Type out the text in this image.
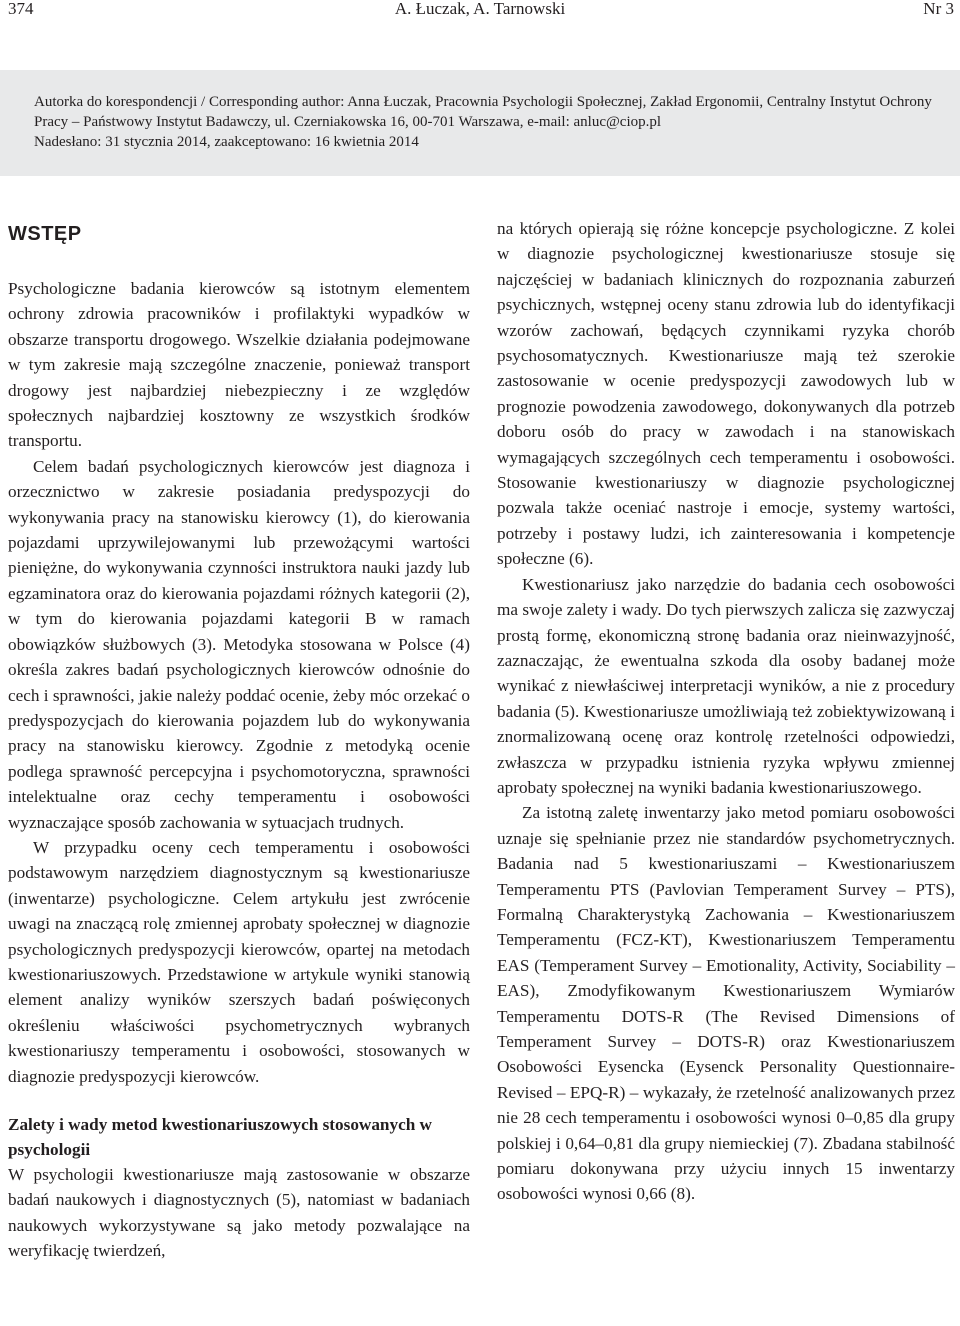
374	A. Łuczak, A. Tarnowski	Nr 3

Autorka do korespondencji / Corresponding author: Anna Łuczak, Pracownia Psychologii Społecznej, Zakład Ergonomii, Centralny Instytut Ochrony Pracy – Państwowy Instytut Badawczy, ul. Czerniakowska 16, 00-701 Warszawa, e-mail: anluc@ciop.pl

Nadesłano: 31 stycznia 2014, zaakceptowano: 16 kwietnia 2014

WSTĘP

Psychologiczne badania kierowców są istotnym elementem ochrony zdrowia pracowników i profilaktyki wypadków w obszarze transportu drogowego. Wszelkie działania podejmowane w tym zakresie mają szczególne znaczenie, ponieważ transport drogowy jest najbardziej niebezpieczny i ze względów społecznych najbardziej kosztowny ze wszystkich środków transportu.

Celem badań psychologicznych kierowców jest diagnoza i orzecznictwo w zakresie posiadania predyspozycji do wykonywania pracy na stanowisku kierowcy (1), do kierowania pojazdami uprzywilejowanymi lub przewożącymi wartości pieniężne, do wykonywania czynności instruktora nauki jazdy lub egzaminatora oraz do kierowania pojazdami różnych kategorii (2), w tym do kierowania pojazdami kategorii B w ramach obowiązków służbowych (3). Metodyka stosowana w Polsce (4) określa zakres badań psychologicznych kierowców odnośnie do cech i sprawności, jakie należy poddać ocenie, żeby móc orzekać o predyspozycjach do kierowania pojazdem lub do wykonywania pracy na stanowisku kierowcy. Zgodnie z metodyką ocenie podlega sprawność percepcyjna i psychomotoryczna, sprawności intelektualne oraz cechy temperamentu i osobowości wyznaczające sposób zachowania w sytuacjach trudnych.

W przypadku oceny cech temperamentu i osobowości podstawowym narzędziem diagnostycznym są kwestionariusze (inwentarze) psychologiczne. Celem artykułu jest zwrócenie uwagi na znaczącą rolę zmiennej aprobaty społecznej w diagnozie psychologicznych predyspozycji kierowców, opartej na metodach kwestionariuszowych. Przedstawione w artykule wyniki stanowią element analizy wyników szerszych badań poświęconych określeniu właściwości psychometrycznych wybranych kwestionariuszy temperamentu i osobowości, stosowanych w diagnozie predyspozycji kierowców.

Zalety i wady metod kwestionariuszowych stosowanych w psychologii

W psychologii kwestionariusze mają zastosowanie w obszarze badań naukowych i diagnostycznych (5), natomiast w badaniach naukowych wykorzystywane są jako metody pozwalające na weryfikację twierdzeń,

na których opierają się różne koncepcje psychologiczne. Z kolei w diagnozie psychologicznej kwestionariusze stosuje się najczęściej w badaniach klinicznych do rozpoznania zaburzeń psychicznych, wstępnej oceny stanu zdrowia lub do identyfikacji wzorów zachowań, będących czynnikami ryzyka chorób psychosomatycznych. Kwestionariusze mają też szerokie zastosowanie w ocenie predyspozycji zawodowych lub w prognozie powodzenia zawodowego, dokonywanych dla potrzeb doboru osób do pracy w zawodach i na stanowiskach wymagających szczególnych cech temperamentu i osobowości. Stosowanie kwestionariuszy w diagnozie psychologicznej pozwala także oceniać nastroje i emocje, systemy wartości, potrzeby i postawy ludzi, ich zainteresowania i kompetencje społeczne (6).

Kwestionariusz jako narzędzie do badania cech osobowości ma swoje zalety i wady. Do tych pierwszych zalicza się zazwyczaj prostą formę, ekonomiczną stronę badania oraz nieinwazyjność, zaznaczając, że ewentualna szkoda dla osoby badanej może wynikać z niewłaściwej interpretacji wyników, a nie z procedury badania (5). Kwestionariusze umożliwiają też zobiektywizowaną i znormalizowaną ocenę oraz kontrolę rzetelności odpowiedzi, zwłaszcza w przypadku istnienia ryzyka wpływu zmiennej aprobaty społecznej na wyniki badania kwestionariuszowego.

Za istotną zaletę inwentarzy jako metod pomiaru osobowości uznaje się spełnianie przez nie standardów psychometrycznych. Badania nad 5 kwestionariuszami – Kwestionariuszem Temperamentu PTS (Pavlovian Temperament Survey – PTS), Formalną Charakterystyką Zachowania – Kwestionariuszem Temperamentu (FCZ-KT), Kwestionariuszem Temperamentu EAS (Temperament Survey – Emotionality, Activity, Sociability – EAS), Zmodyfikowanym Kwestionariuszem Wymiarów Temperamentu DOTS-R (The Revised Dimensions of Temperament Survey – DOTS-R) oraz Kwestionariuszem Osobowości Eysencka (Eysenck Personality Questionnaire-Revised – EPQ-R) – wykazały, że rzetelność analizowanych przez nie 28 cech temperamentu i osobowości wynosi 0–0,85 dla grupy polskiej i 0,64–0,81 dla grupy niemieckiej (7). Zbadana stabilność pomiaru dokonywana przy użyciu innych 15 inwentarzy osobowości wynosi 0,66 (8).
